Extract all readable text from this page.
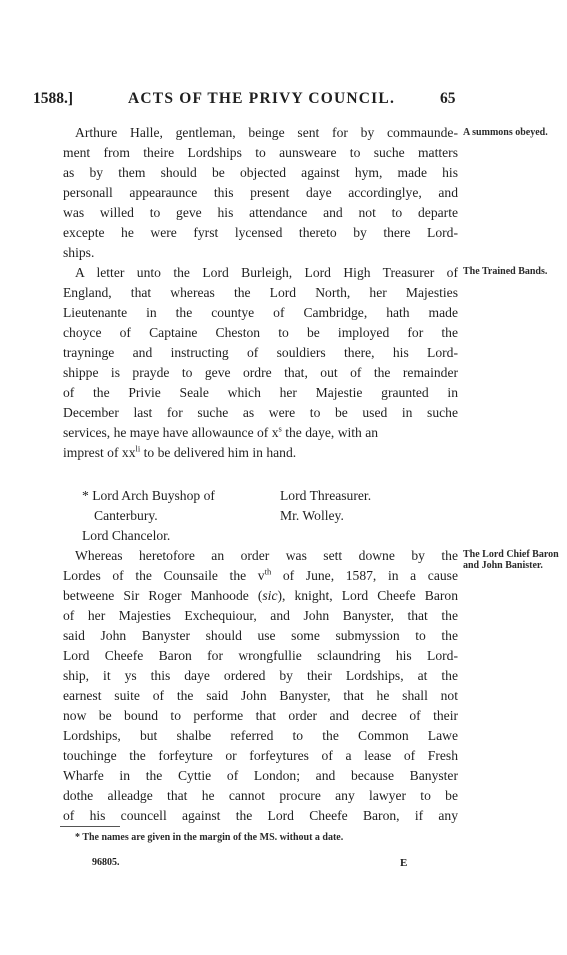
1588.]	ACTS OF THE PRIVY COUNCIL.	65
Arthure Halle, gentleman, beinge sent for by commaunde-
ment from theire Lordships to aunsweare to suche matters
as by them should be objected against hym, made his
personall appearaunce this present daye accordinglye, and
was willed to geve his attendance and not to departe
excepte he were fyrst lycensed thereto by there Lord-
ships.
A summons obeyed.
A letter unto the Lord Burleigh, Lord High Treasurer of
England, that whereas the Lord North, her Majesties
Lieutenante in the countye of Cambridge, hath made
choyce of Captaine Cheston to be imployed for the
trayninge and instructing of souldiers there, his Lord-
shippe is prayde to geve ordre that, out of the remainder
of the Privie Seale which her Majestie graunted in
December last for suche as were to be used in suche
services, he maye have allowaunce of $x^s$ the daye, with an
imprest of $xx^{li}$ to be delivered him in hand.
The Trained Bands.
* Lord Arch Buyshop of	Lord Threasurer.
Canterbury.	Mr. Wolley.
Lord Chancelor.
Whereas heretofore an order was sett downe by the
Lordes of the Counsaile the $v^{th}$ of June, 1587, in a cause
betweene Sir Roger Manhoode (sic), knight, Lord Cheefe Baron
of her Majesties Exchequiour, and John Banyster, that the
said John Banyster should use some submyssion to the
Lord Cheefe Baron for wrongfullie sclaundring his Lord-
ship, it ys this daye ordered by their Lordships, at the
earnest suite of the said John Banyster, that he shall not
now be bound to performe that order and decree of their
Lordships, but shalbe referred to the Common Lawe
touchinge the forfeyture or forfeytures of a lease of Fresh
Wharfe in the Cyttie of London; and because Banyster
dothe alleadge that he cannot procure any lawyer to be
of his councell against the Lord Cheefe Baron, if any
The Lord Chief Baron and John Banister.
* The names are given in the margin of the MS. without a date.
96805.	E
